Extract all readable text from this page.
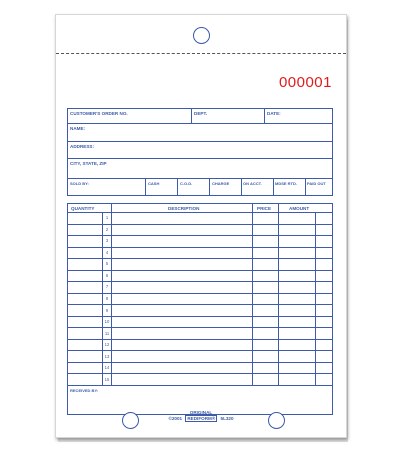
000001
CUSTOMER'S ORDER NO.	DEPT.	DATE:
NAME:
ADDRESS:
CITY, STATE, ZIP
SOLD BY:	CASH	C.O.D.	CHARGE	ON ACCT.	MDSE RTD.	PAID OUT
QUANTITY	DESCRIPTION	PRICE	AMOUNT
1
2
3
4
5
6
7
8
9
10
11
12
13
14
15
RECEIVED BY:
ORIGINAL
©2001 REDIFORM® 5L320
